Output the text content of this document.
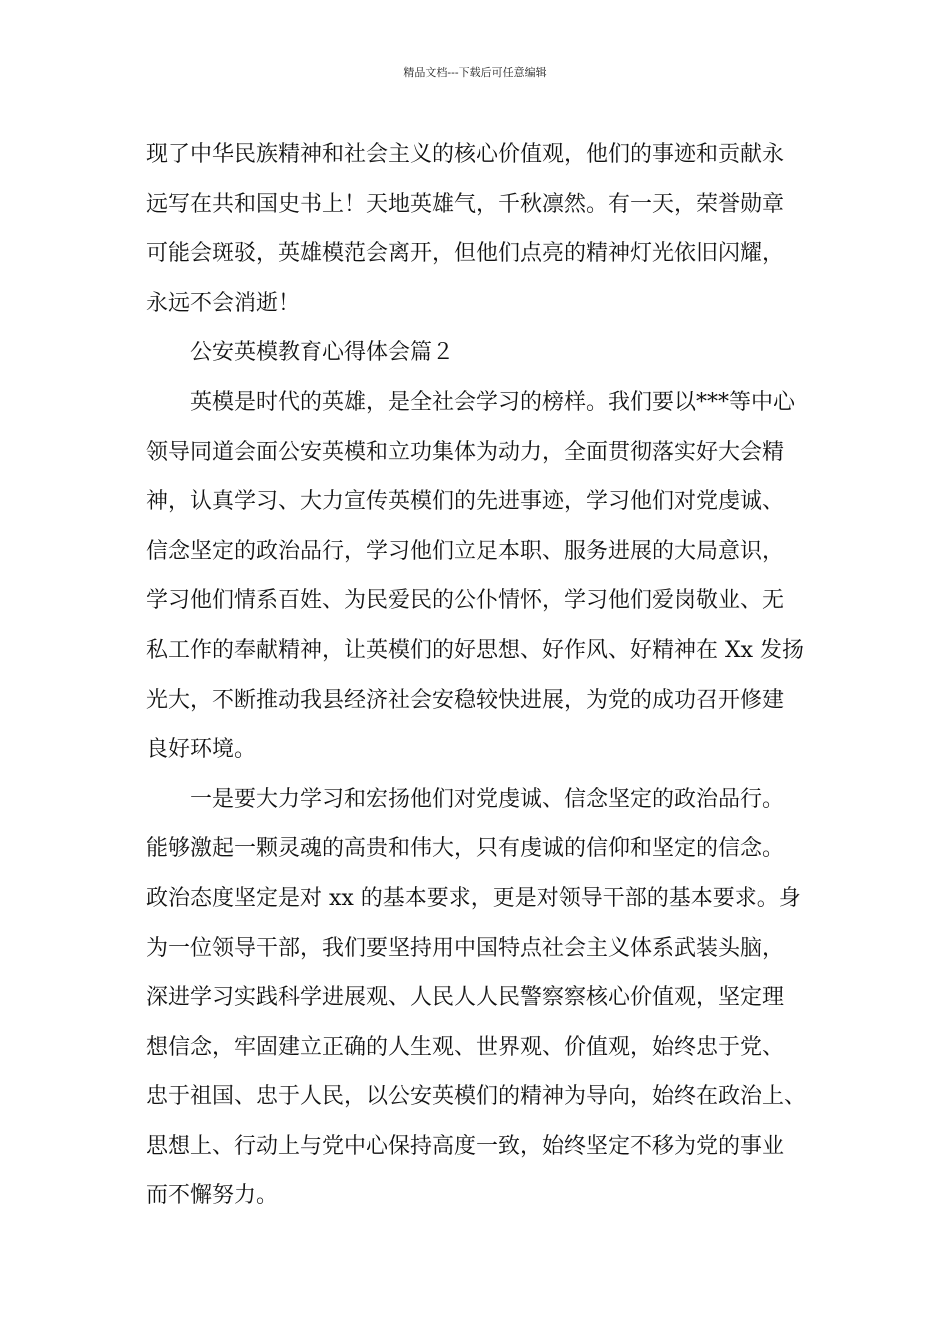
精品文档---下载后可任意编辑
现了中华民族精神和社会主义的核心价值观，他们的事迹和贡献永
远写在共和国史书上！天地英雄气，千秋凛然。有一天，荣誉勋章
可能会斑驳，英雄模范会离开，但他们点亮的精神灯光依旧闪耀，
永远不会消逝！
公安英模教育心得体会篇２
英模是时代的英雄，是全社会学习的榜样。我们要以***等中心
领导同道会面公安英模和立功集体为动力，全面贯彻落实好大会精
神，认真学习、大力宣传英模们的先进事迹，学习他们对党虔诚、
信念坚定的政治品行，学习他们立足本职、服务进展的大局意识，
学习他们情系百姓、为民爱民的公仆情怀，学习他们爱岗敬业、无
私工作的奉献精神，让英模们的好思想、好作风、好精神在 Xx 发扬
光大，不断推动我县经济社会安稳较快进展，为党的成功召开修建
良好环境。
一是要大力学习和宏扬他们对党虔诚、信念坚定的政治品行。
能够激起一颗灵魂的高贵和伟大，只有虔诚的信仰和坚定的信念。
政治态度坚定是对 xx 的基本要求，更是对领导干部的基本要求。身
为一位领导干部，我们要坚持用中国特点社会主义体系武装头脑，
深进学习实践科学进展观、人民人人民警察察核心价值观，坚定理
想信念，牢固建立正确的人生观、世界观、价值观，始终忠于党、
忠于祖国、忠于人民，以公安英模们的精神为导向，始终在政治上、
思想上、行动上与党中心保持高度一致，始终坚定不移为党的事业
而不懈努力。
